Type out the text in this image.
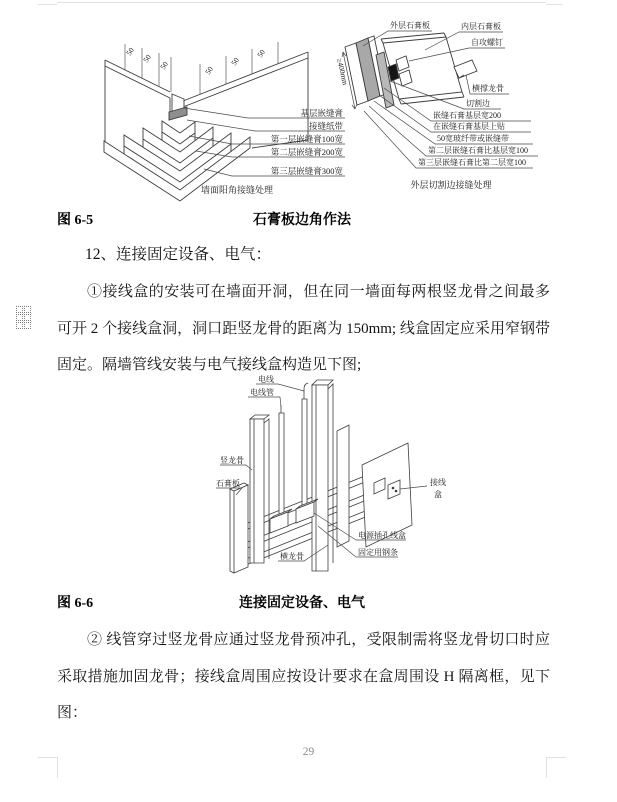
50
50
50	50
50
50
基层嵌缝膏
接缝纸带
第一层嵌缝膏100宽
第二层嵌缝膏200宽
第三层嵌缝膏300宽
墙面阳角接缝处理
≥400mm
外层石膏板	内层石膏板
自攻螺钉
横撑龙骨
切割边
嵌缝石膏基层宽200
在嵌缝石膏基层上贴
50宽玻纤带或嵌缝带
第二层嵌缝石膏比基层宽100
第三层嵌缝石膏比第二层宽100
外层切割边接缝处理
图 6-5	石膏板边角作法
12、连接固定设备、电气：
①接线盒的安装可在墙面开洞，但在同一墙面每两根竖龙骨之间最多可开 2 个接线盒洞，洞口距竖龙骨的距离为 150mm; 线盒固定应采用窄钢带固定。隔墙管线安装与电气接线盒构造见下图;
电线
电线管
竖龙骨
石膏板	接线
盒
电源插孔线盒
固定用钢条
横龙骨
图 6-6	连接固定设备、电气
② 线管穿过竖龙骨应通过竖龙骨预冲孔，受限制需将竖龙骨切口时应采取措施加固龙骨；接线盒周围应按设计要求在盒周围设 H 隔离框，见下图：
29
